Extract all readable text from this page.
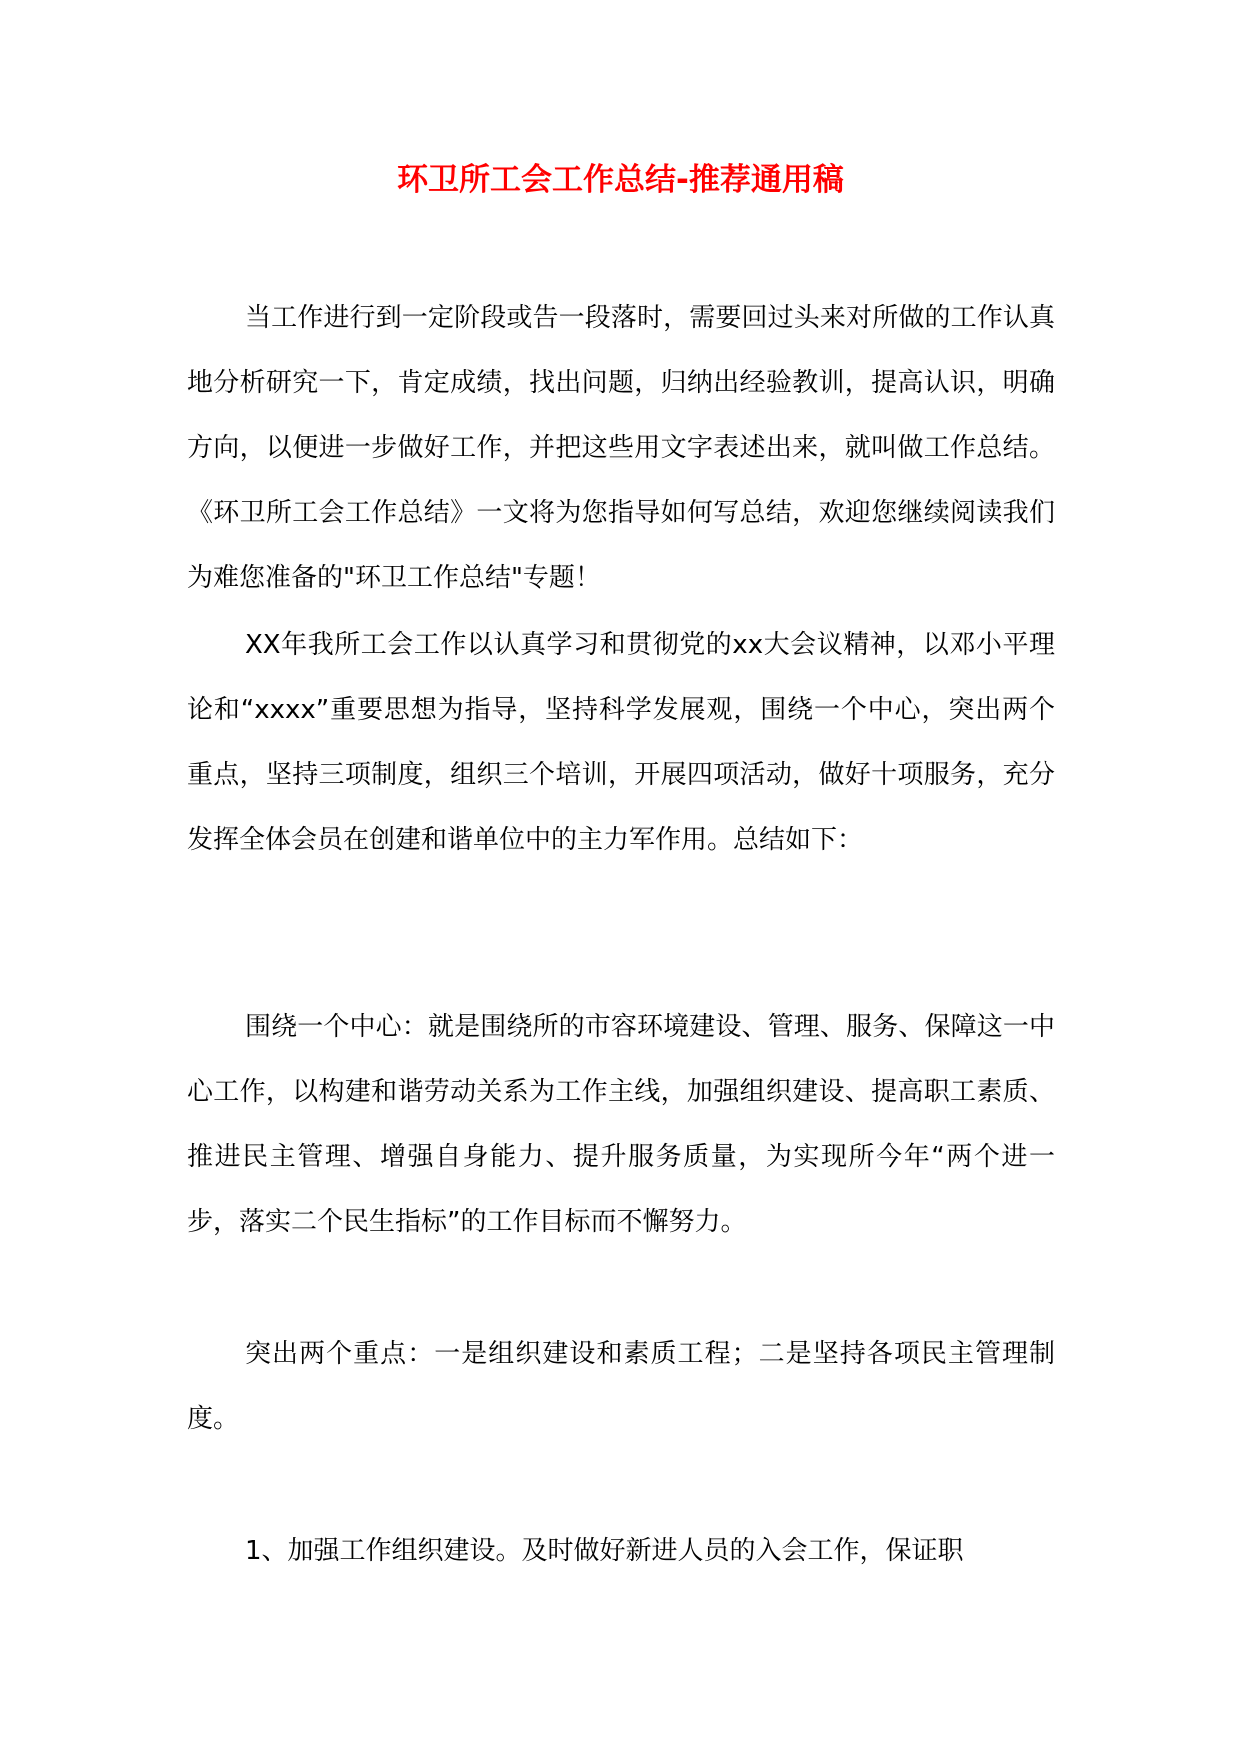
环卫所工会工作总结-推荐通用稿

当工作进行到一定阶段或告一段落时，需要回过头来对所做的工作认真地分析研究一下，肯定成绩，找出问题，归纳出经验教训，提高认识，明确方向，以便进一步做好工作，并把这些用文字表述出来，就叫做工作总结。《环卫所工会工作总结》一文将为您指导如何写总结，欢迎您继续阅读我们为难您准备的"环卫工作总结"专题！

XX年我所工会工作以认真学习和贯彻党的xx大会议精神，以邓小平理论和“xxxx”重要思想为指导，坚持科学发展观，围绕一个中心，突出两个重点，坚持三项制度，组织三个培训，开展四项活动，做好十项服务，充分发挥全体会员在创建和谐单位中的主力军作用。总结如下：

围绕一个中心：就是围绕所的市容环境建设、管理、服务、保障这一中心工作，以构建和谐劳动关系为工作主线，加强组织建设、提高职工素质、推进民主管理、增强自身能力、提升服务质量，为实现所今年“两个进一步，落实二个民生指标”的工作目标而不懈努力。

突出两个重点：一是组织建设和素质工程；二是坚持各项民主管理制度。

1、加强工作组织建设。及时做好新进人员的入会工作，保证职
